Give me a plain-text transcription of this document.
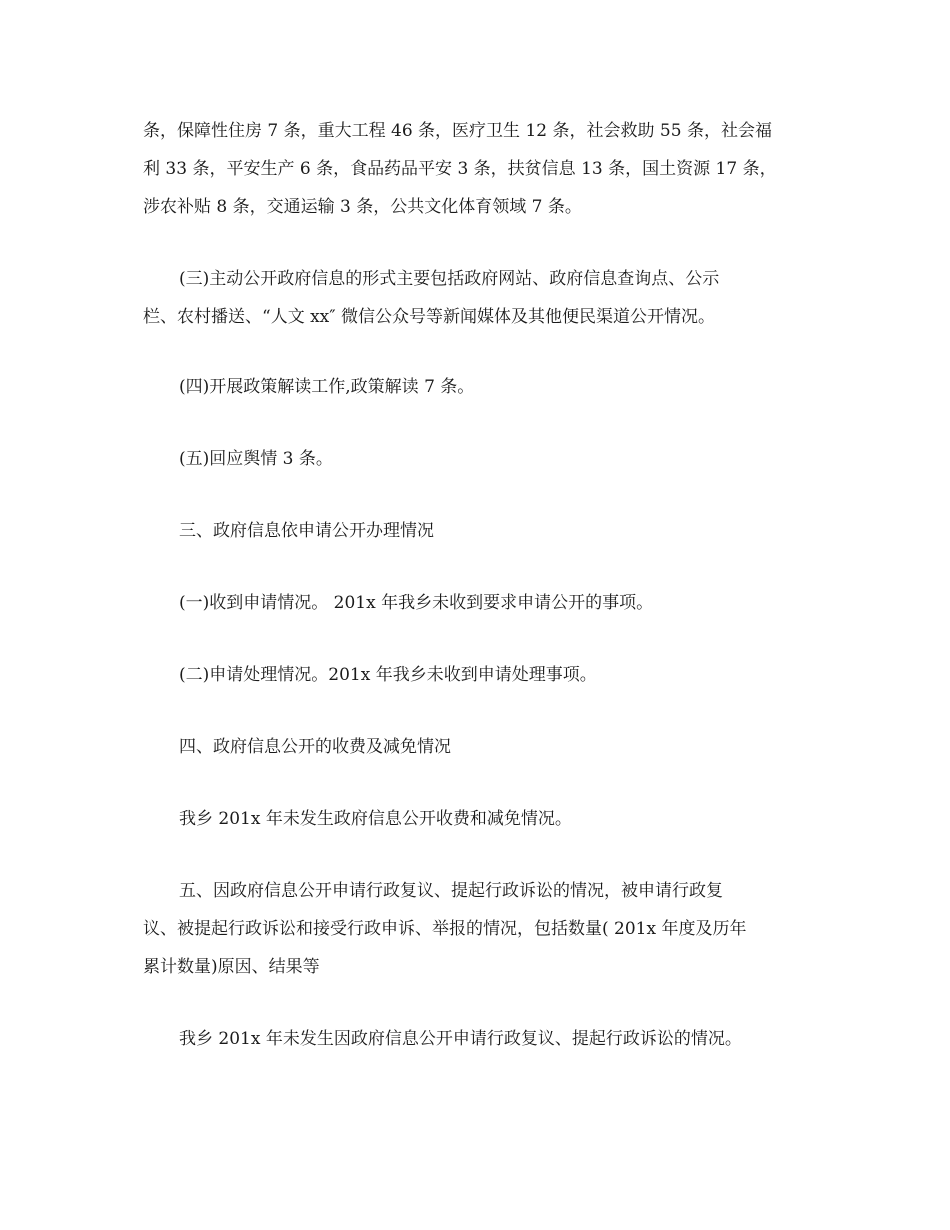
条，保障性住房 7 条，重大工程 46 条，医疗卫生 12 条，社会救助 55 条，社会福
利 33 条，平安生产 6 条，食品药品平安 3 条，扶贫信息 13 条，国土资源 17 条，
涉农补贴 8 条，交通运输 3 条，公共文化体育领域 7 条。
(三)主动公开政府信息的形式主要包括政府网站、政府信息查询点、公示
栏、农村播送、“人文 xx″ 微信公众号等新闻媒体及其他便民渠道公开情况。
(四)开展政策解读工作,政策解读 7 条。
(五)回应舆情 3 条。
三、政府信息依申请公开办理情况
(一)收到申请情况。 201x 年我乡未收到要求申请公开的事项。
(二)申请处理情况。201x 年我乡未收到申请处理事项。
四、政府信息公开的收费及减免情况
我乡 201x 年未发生政府信息公开收费和减免情况。
五、因政府信息公开申请行政复议、提起行政诉讼的情况，被申请行政复
议、被提起行政诉讼和接受行政申诉、举报的情况，包括数量( 201x 年度及历年
累计数量)原因、结果等
我乡 201x 年未发生因政府信息公开申请行政复议、提起行政诉讼的情况。
